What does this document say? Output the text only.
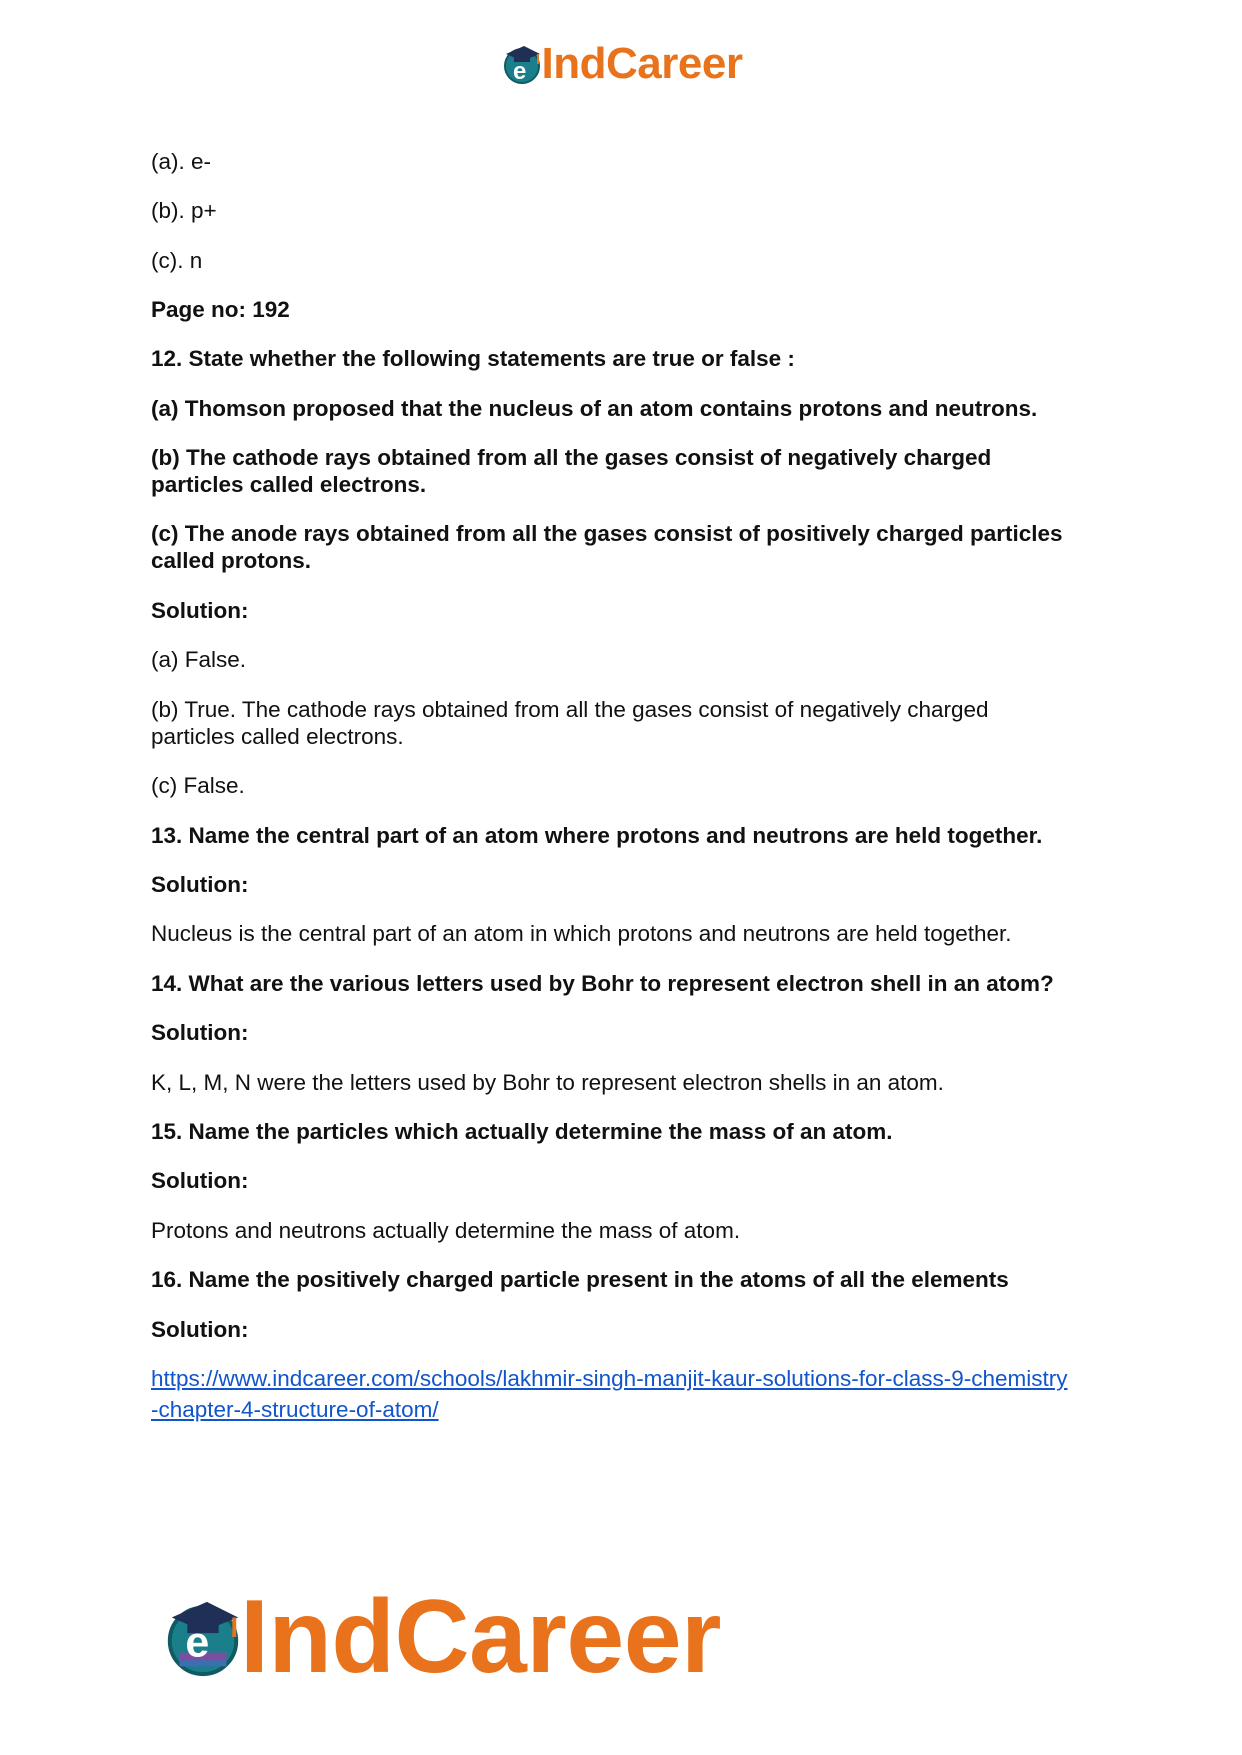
e IndCareer

(a). e-

(b). p+

(c). n

Page no: 192

12. State whether the following statements are true or false :

(a) Thomson proposed that the nucleus of an atom contains protons and neutrons.

(b) The cathode rays obtained from all the gases consist of negatively charged

particles called electrons.

(c) The anode rays obtained from all the gases consist of positively charged particles

called protons.

Solution:

(a) False.

(b) True. The cathode rays obtained from all the gases consist of negatively charged

particles called electrons.

(c) False.

13. Name the central part of an atom where protons and neutrons are held together.

Solution:

Nucleus is the central part of an atom in which protons and neutrons are held together.

14. What are the various letters used by Bohr to represent electron shell in an atom?

Solution:

K, L, M, N were the letters used by Bohr to represent electron shells in an atom.

15. Name the particles which actually determine the mass of an atom.

Solution:

Protons and neutrons actually determine the mass of atom.

16. Name the positively charged particle present in the atoms of all the elements

Solution:

https://www.indcareer.com/schools/lakhmir-singh-manjit-kaur-solutions-for-class-9-chemistry
-chapter-4-structure-of-atom/
e IndCareer
